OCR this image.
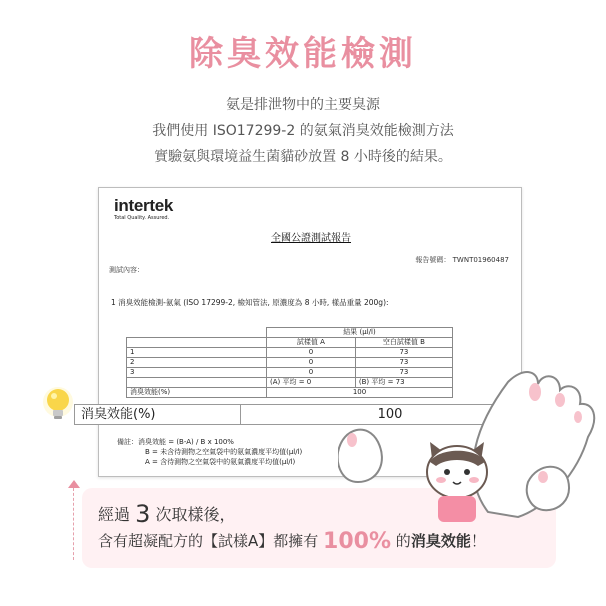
除臭效能檢測
氨是排泄物中的主要臭源
我們使用 ISO17299-2 的氨氣消臭效能檢測方法
實驗氨與環境益生菌貓砂放置 8 小時後的結果。
intertek
Total Quality. Assured.
全國公證測試報告
報告號碼： TWNT01960487
測試內容：
1 消臭效能檢測-氨氣 (ISO 17299-2, 檢知管法, 原濃度為 8 小時, 樣品重量 200g):
	結果 (μl/l)	
	試樣值 A	空白試樣值 B
1	0	73
2	0	73
3	0	73
	(A) 平均 = 0	(B) 平均 = 73
消臭效能(%)	100	
備註：消臭效能 = (B-A) / B x 100%
B = 未含待測物之空氣袋中的氨氣濃度平均值(μl/l)
A = 含待測物之空氣袋中的氨氣濃度平均值(μl/l)
消臭效能(%)	100
經過 3 次取樣後，
含有超凝配方的【試樣A】都擁有 100% 的消臭效能！
